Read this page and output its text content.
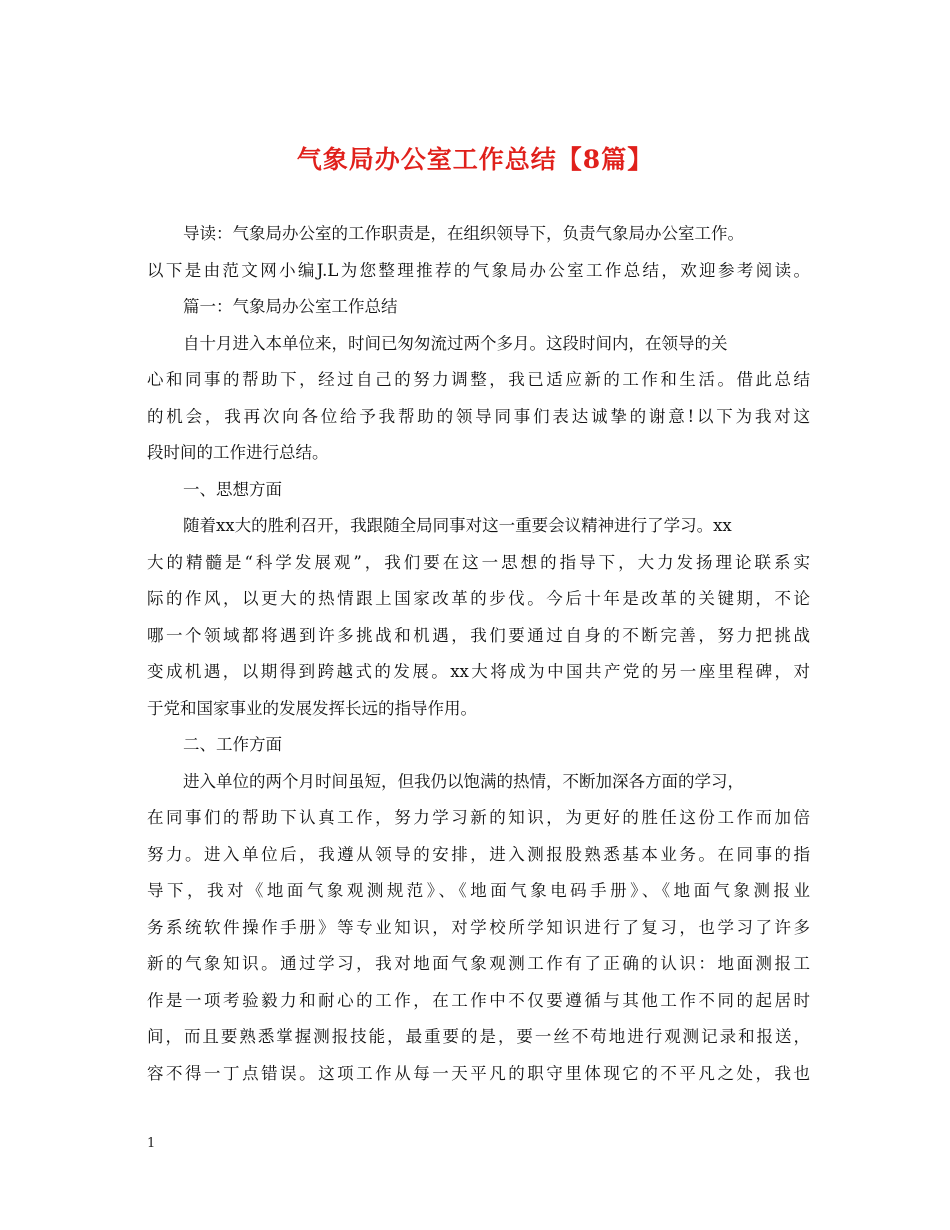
气象局办公室工作总结【8篇】
导读：气象局办公室的工作职责是，在组织领导下，负责气象局办公室工作。
以下是由范文网小编J.L为您整理推荐的气象局办公室工作总结，欢迎参考阅读。
篇一：气象局办公室工作总结
自十月进入本单位来，时间已匆匆流过两个多月。这段时间内，在领导的关
心和同事的帮助下，经过自己的努力调整，我已适应新的工作和生活。借此总结
的机会，我再次向各位给予我帮助的领导同事们表达诚挚的谢意!以下为我对这
段时间的工作进行总结。
一、思想方面
随着xx大的胜利召开，我跟随全局同事对这一重要会议精神进行了学习。xx
大的精髓是“科学发展观”，我们要在这一思想的指导下，大力发扬理论联系实
际的作风，以更大的热情跟上国家改革的步伐。今后十年是改革的关键期，不论
哪一个领域都将遇到许多挑战和机遇，我们要通过自身的不断完善，努力把挑战
变成机遇，以期得到跨越式的发展。xx大将成为中国共产党的另一座里程碑，对
于党和国家事业的发展发挥长远的指导作用。
二、工作方面
进入单位的两个月时间虽短，但我仍以饱满的热情，不断加深各方面的学习，
在同事们的帮助下认真工作，努力学习新的知识，为更好的胜任这份工作而加倍
努力。进入单位后，我遵从领导的安排，进入测报股熟悉基本业务。在同事的指
导下，我对《地面气象观测规范》、《地面气象电码手册》、《地面气象测报业
务系统软件操作手册》等专业知识，对学校所学知识进行了复习，也学习了许多
新的气象知识。通过学习，我对地面气象观测工作有了正确的认识：地面测报工
作是一项考验毅力和耐心的工作，在工作中不仅要遵循与其他工作不同的起居时
间，而且要熟悉掌握测报技能，最重要的是，要一丝不苟地进行观测记录和报送，
容不得一丁点错误。这项工作从每一天平凡的职守里体现它的不平凡之处，我也
1
